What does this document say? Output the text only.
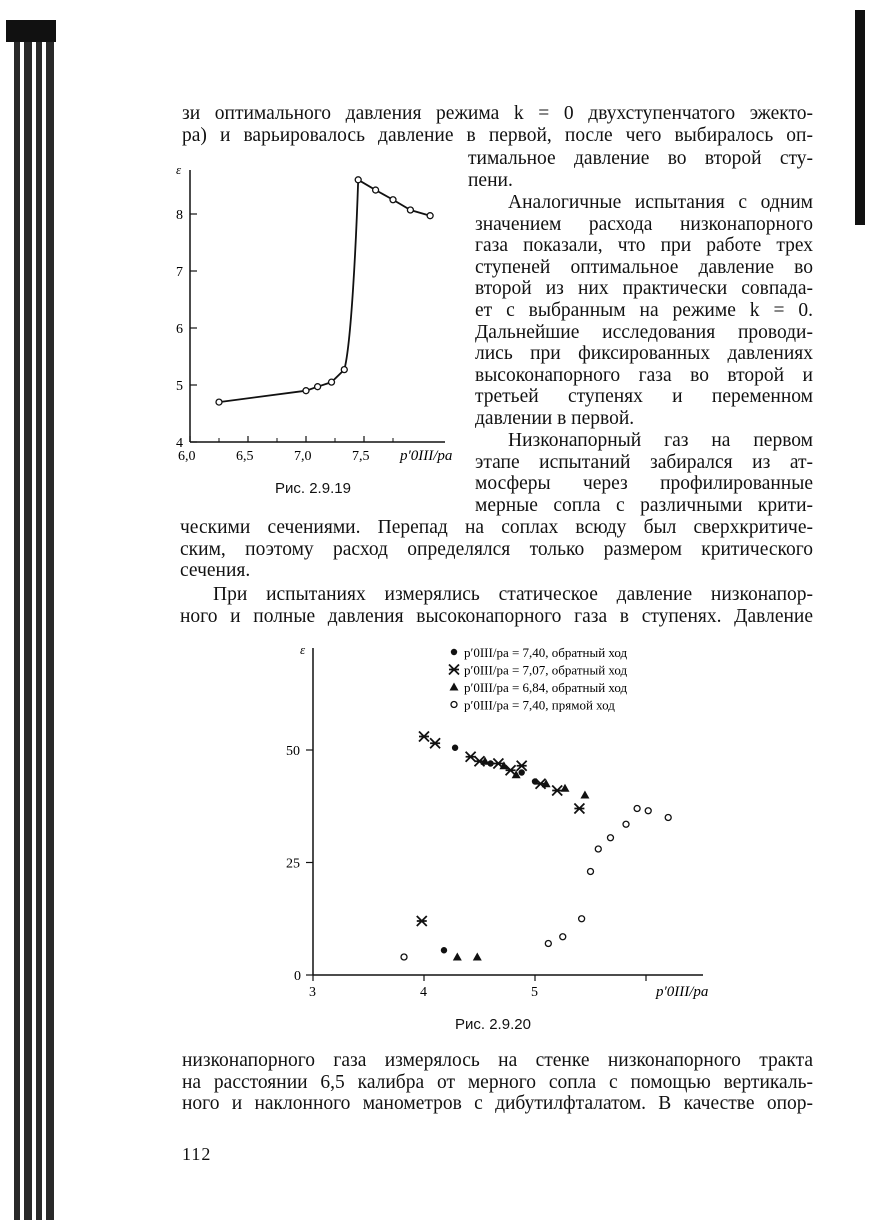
зи оптимального давления режима k = 0 двухступенчатого эжекто-
ра) и варьировалось давление в первой, после чего выбиралось оп-
тимальное давление во второй сту-
пени.
Аналогичные испытания с одним
значением расхода низконапорного
газа показали, что при работе трех
ступеней оптимальное давление во
второй из них практически совпада-
ет с выбранным на режиме k = 0.
Дальнейшие исследования проводи-
лись при фиксированных давлениях
высоконапорного газа во второй и
третьей ступенях и переменном
давлении в первой.
Низконапорный газ на первом
этапе испытаний забирался из ат-
мосферы через профилированные
мерные сопла с различными крити-
ческими сечениями. Перепад на соплах всюду был сверхкритиче-
ским, поэтому расход определялся только размером критического
сечения.
При испытаниях измерялись статическое давление низконапор-
ного и полные давления высоконапорного газа в ступенях. Давление
6,0	6,5	7,0	7,5
4
5
6
7
8
ε
p′0III/pa
Рис. 2.9.19
3	4	5
0
25
50
p′0III/pa = 7,40, обратный ход
p′0III/pa = 7,07, обратный ход
p′0III/pa = 6,84, обратный ход
p′0III/pa = 7,40, прямой ход
ε
p′0III/pa
Рис. 2.9.20
низконапорного газа измерялось на стенке низконапорного тракта
на расстоянии 6,5 калибра от мерного сопла с помощью вертикаль-
ного и наклонного манометров с дибутилфталатом. В качестве опор-
112
